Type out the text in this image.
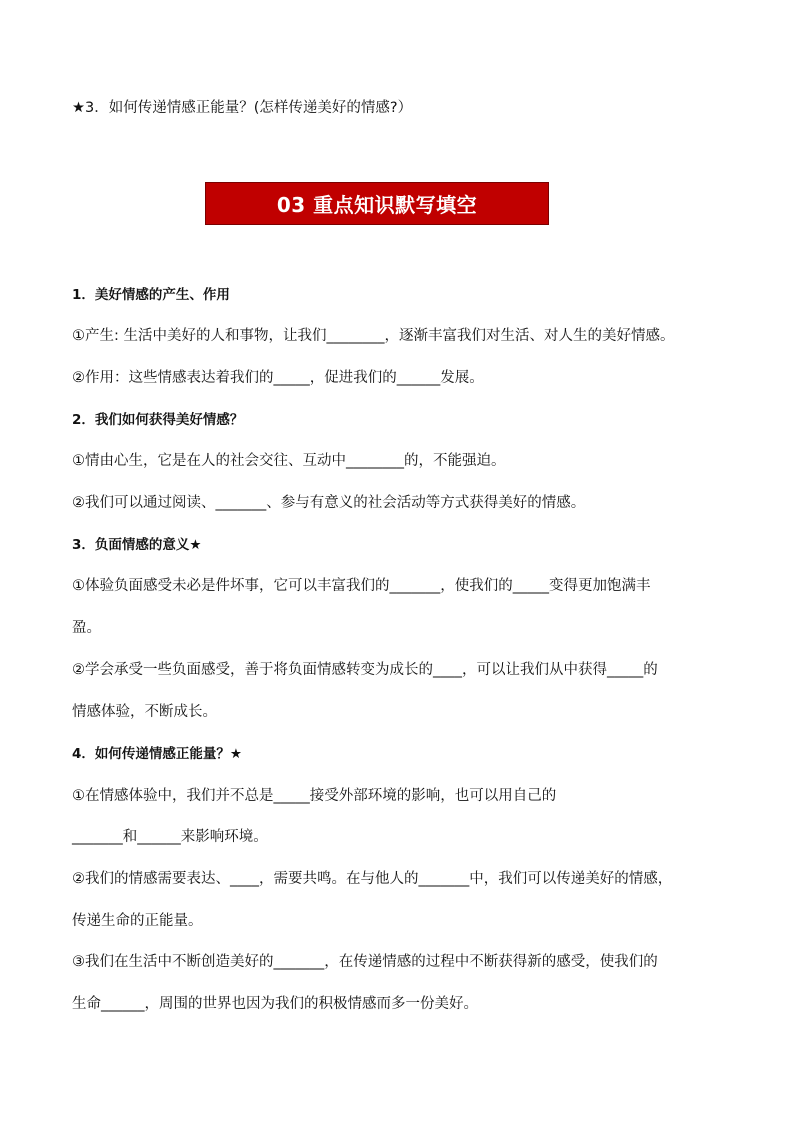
★3．如何传递情感正能量？(怎样传递美好的情感?）
03 重点知识默写填空
1．美好情感的产生、作用
①产生: 生活中美好的人和事物，让我们________，逐渐丰富我们对生活、对人生的美好情感。
②作用：这些情感表达着我们的_____，促进我们的______发展。
2．我们如何获得美好情感？
①情由心生，它是在人的社会交往、互动中________的，不能强迫。
②我们可以通过阅读、_______、参与有意义的社会活动等方式获得美好的情感。
3．负面情感的意义★
①体验负面感受未必是件坏事，它可以丰富我们的_______，使我们的_____变得更加饱满丰
盈。
②学会承受一些负面感受，善于将负面情感转变为成长的____，可以让我们从中获得_____的
情感体验，不断成长。
4．如何传递情感正能量？★
①在情感体验中，我们并不总是_____接受外部环境的影响，也可以用自己的
_______和______来影响环境。
②我们的情感需要表达、____，需要共鸣。在与他人的_______中，我们可以传递美好的情感，
传递生命的正能量。
③我们在生活中不断创造美好的_______，在传递情感的过程中不断获得新的感受，使我们的
生命______，周围的世界也因为我们的积极情感而多一份美好。
